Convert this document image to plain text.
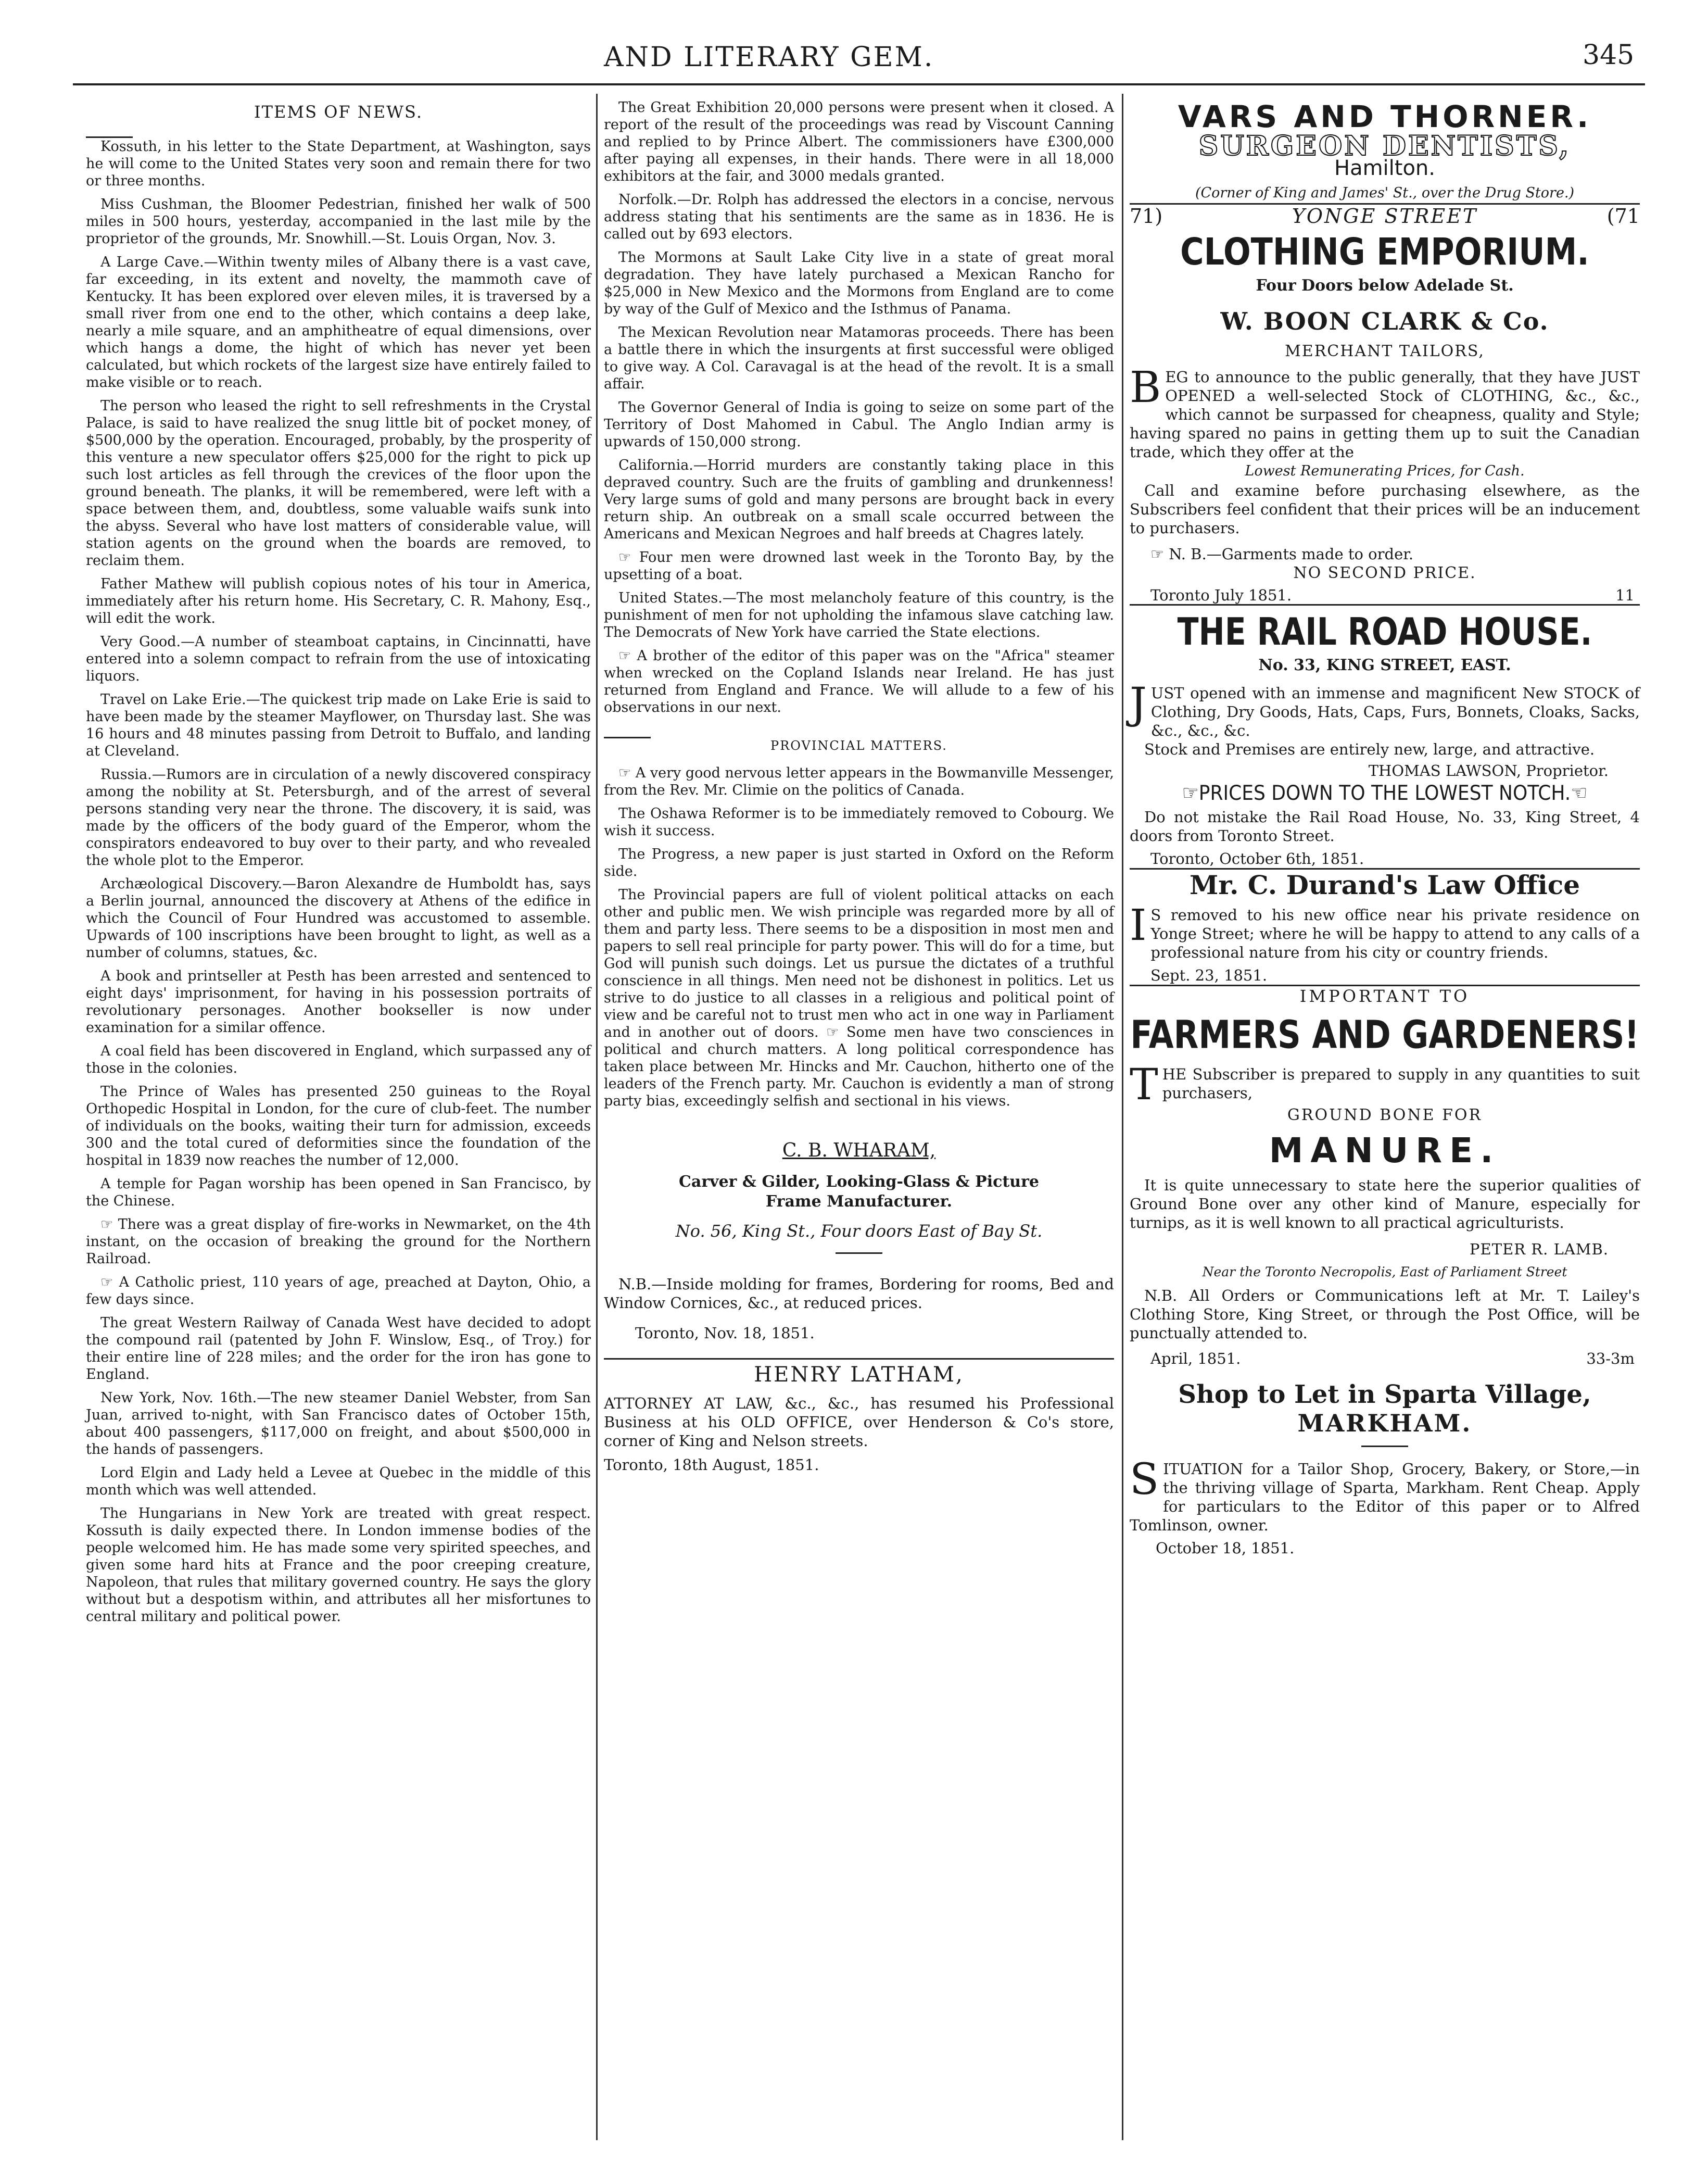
AND LITERARY GEM.	345
ITEMS OF NEWS.

Kossuth, in his letter to the State Department, at Washington, says he will come to the United States very soon and remain there for two or three months.

Miss Cushman, the Bloomer Pedestrian, finished her walk of 500 miles in 500 hours, yesterday, accompanied in the last mile by the proprietor of the grounds, Mr. Snowhill.—St. Louis Organ, Nov. 3.

A Large Cave.—Within twenty miles of Albany there is a vast cave, far exceeding, in its extent and novelty, the mammoth cave of Kentucky. It has been explored over eleven miles, it is traversed by a small river from one end to the other, which contains a deep lake, nearly a mile square, and an amphitheatre of equal dimensions, over which hangs a dome, the hight of which has never yet been calculated, but which rockets of the largest size have entirely failed to make visible or to reach.

The person who leased the right to sell refreshments in the Crystal Palace, is said to have realized the snug little bit of pocket money, of $500,000 by the operation. Encouraged, probably, by the prosperity of this venture a new speculator offers $25,000 for the right to pick up such lost articles as fell through the crevices of the floor upon the ground beneath. The planks, it will be remembered, were left with a space between them, and, doubtless, some valuable waifs sunk into the abyss. Several who have lost matters of considerable value, will station agents on the ground when the boards are removed, to reclaim them.

Father Mathew will publish copious notes of his tour in America, immediately after his return home. His Secretary, C. R. Mahony, Esq., will edit the work.

Very Good.—A number of steamboat captains, in Cincinnatti, have entered into a solemn compact to refrain from the use of intoxicating liquors.

Travel on Lake Erie.—The quickest trip made on Lake Erie is said to have been made by the steamer Mayflower, on Thursday last. She was 16 hours and 48 minutes passing from Detroit to Buffalo, and landing at Cleveland.

Russia.—Rumors are in circulation of a newly discovered conspiracy among the nobility at St. Petersburgh, and of the arrest of several persons standing very near the throne. The discovery, it is said, was made by the officers of the body guard of the Emperor, whom the conspirators endeavored to buy over to their party, and who revealed the whole plot to the Emperor.

Archæological Discovery.—Baron Alexandre de Humboldt has, says a Berlin journal, announced the discovery at Athens of the edifice in which the Council of Four Hundred was accustomed to assemble. Upwards of 100 inscriptions have been brought to light, as well as a number of columns, statues, &c.

A book and printseller at Pesth has been arrested and sentenced to eight days' imprisonment, for having in his possession portraits of revolutionary personages. Another bookseller is now under examination for a similar offence.

A coal field has been discovered in England, which surpassed any of those in the colonies.

The Prince of Wales has presented 250 guineas to the Royal Orthopedic Hospital in London, for the cure of club-feet. The number of individuals on the books, waiting their turn for admission, exceeds 300 and the total cured of deformities since the foundation of the hospital in 1839 now reaches the number of 12,000.

A temple for Pagan worship has been opened in San Francisco, by the Chinese.

☞ There was a great display of fire-works in Newmarket, on the 4th instant, on the occasion of breaking the ground for the Northern Railroad.

☞ A Catholic priest, 110 years of age, preached at Dayton, Ohio, a few days since.

The great Western Railway of Canada West have decided to adopt the compound rail (patented by John F. Winslow, Esq., of Troy.) for their entire line of 228 miles; and the order for the iron has gone to England.

New York, Nov. 16th.—The new steamer Daniel Webster, from San Juan, arrived to-night, with San Francisco dates of October 15th, about 400 passengers, $117,000 on freight, and about $500,000 in the hands of passengers.

Lord Elgin and Lady held a Levee at Quebec in the middle of this month which was well attended.

The Hungarians in New York are treated with great respect. Kossuth is daily expected there. In London immense bodies of the people welcomed him. He has made some very spirited speeches, and given some hard hits at France and the poor creeping creature, Napoleon, that rules that military governed country. He says the glory without but a despotism within, and attributes all her misfortunes to central military and political power.

The Great Exhibition 20,000 persons were present when it closed. A report of the result of the proceedings was read by Viscount Canning and replied to by Prince Albert. The commissioners have £300,000 after paying all expenses, in their hands. There were in all 18,000 exhibitors at the fair, and 3000 medals granted.

Norfolk.—Dr. Rolph has addressed the electors in a concise, nervous address stating that his sentiments are the same as in 1836. He is called out by 693 electors.

The Mormons at Sault Lake City live in a state of great moral degradation. They have lately purchased a Mexican Rancho for $25,000 in New Mexico and the Mormons from England are to come by way of the Gulf of Mexico and the Isthmus of Panama.

The Mexican Revolution near Matamoras proceeds. There has been a battle there in which the insurgents at first successful were obliged to give way. A Col. Caravagal is at the head of the revolt. It is a small affair.

The Governor General of India is going to seize on some part of the Territory of Dost Mahomed in Cabul. The Anglo Indian army is upwards of 150,000 strong.

California.—Horrid murders are constantly taking place in this depraved country. Such are the fruits of gambling and drunkenness! Very large sums of gold and many persons are brought back in every return ship. An outbreak on a small scale occurred between the Americans and Mexican Negroes and half breeds at Chagres lately.

☞ Four men were drowned last week in the Toronto Bay, by the upsetting of a boat.

United States.—The most melancholy feature of this country, is the punishment of men for not upholding the infamous slave catching law. The Democrats of New York have carried the State elections.

☞ A brother of the editor of this paper was on the "Africa" steamer when wrecked on the Copland Islands near Ireland. He has just returned from England and France. We will allude to a few of his observations in our next.

PROVINCIAL MATTERS.

☞ A very good nervous letter appears in the Bowmanville Messenger, from the Rev. Mr. Climie on the politics of Canada.

The Oshawa Reformer is to be immediately removed to Cobourg. We wish it success.

The Progress, a new paper is just started in Oxford on the Reform side.

The Provincial papers are full of violent political attacks on each other and public men. We wish principle was regarded more by all of them and party less. There seems to be a disposition in most men and papers to sell real principle for party power. This will do for a time, but God will punish such doings. Let us pursue the dictates of a truthful conscience in all things. Men need not be dishonest in politics. Let us strive to do justice to all classes in a religious and political point of view and be careful not to trust men who act in one way in Parliament and in another out of doors. ☞ Some men have two consciences in political and church matters. A long political correspondence has taken place between Mr. Hincks and Mr. Cauchon, hitherto one of the leaders of the French party. Mr. Cauchon is evidently a man of strong party bias, exceedingly selfish and sectional in his views.

C. B. WHARAM,
Carver & Gilder, Looking-Glass & Picture
Frame Manufacturer.
No. 56, King St., Four doors East of Bay St.
N.B.—Inside molding for frames, Bordering for rooms, Bed and Window Cornices, &c., at reduced prices.
Toronto, Nov. 18, 1851.
HENRY LATHAM,
ATTORNEY AT LAW, &c., &c., has resumed his Professional Business at his OLD OFFICE, over Henderson & Co's store, corner of King and Nelson streets.
Toronto, 18th August, 1851.
VARS AND THORNER.
SURGEON DENTISTS,
Hamilton.
(Corner of King and James' St., over the Drug Store.)
71)	YONGE STREET	(71
CLOTHING EMPORIUM.
Four Doors below Adelade St.
W. BOON CLARK & Co.
MERCHANT TAILORS,
BEG to announce to the public generally, that they have JUST OPENED a well-selected Stock of CLOTHING, &c., &c., which cannot be surpassed for cheapness, quality and Style; having spared no pains in getting them up to suit the Canadian trade, which they offer at the
Lowest Remunerating Prices, for Cash.
Call and examine before purchasing elsewhere, as the Subscribers feel confident that their prices will be an inducement to purchasers.
☞ N. B.—Garments made to order.
NO SECOND PRICE.
Toronto July 1851.	11
THE RAIL ROAD HOUSE.
No. 33, KING STREET, EAST.
JUST opened with an immense and magnificent New STOCK of Clothing, Dry Goods, Hats, Caps, Furs, Bonnets, Cloaks, Sacks, &c., &c., &c.
Stock and Premises are entirely new, large, and attractive.
THOMAS LAWSON, Proprietor.
☞PRICES DOWN TO THE LOWEST NOTCH.☜
Do not mistake the Rail Road House, No. 33, King Street, 4 doors from Toronto Street.
Toronto, October 6th, 1851.
Mr. C. Durand's Law Office
I S removed to his new office near his private residence on Yonge Street; where he will be happy to attend to any calls of a professional nature from his city or country friends.
Sept. 23, 1851.
IMPORTANT TO
FARMERS AND GARDENERS!
THE Subscriber is prepared to supply in any quantities to suit purchasers,
GROUND BONE FOR
MANURE.
It is quite unnecessary to state here the superior qualities of Ground Bone over any other kind of Manure, especially for turnips, as it is well known to all practical agriculturists.
PETER R. LAMB.
Near the Toronto Necropolis, East of Parliament Street
N.B. All Orders or Communications left at Mr. T. Lailey's Clothing Store, King Street, or through the Post Office, will be punctually attended to.
April, 1851.	33-3m
Shop to Let in Sparta Village,
MARKHAM.
SITUATION for a Tailor Shop, Grocery, Bakery, or Store,—in the thriving village of Sparta, Markham. Rent Cheap. Apply for particulars to the Editor of this paper or to Alfred Tomlinson, owner.
October 18, 1851.
